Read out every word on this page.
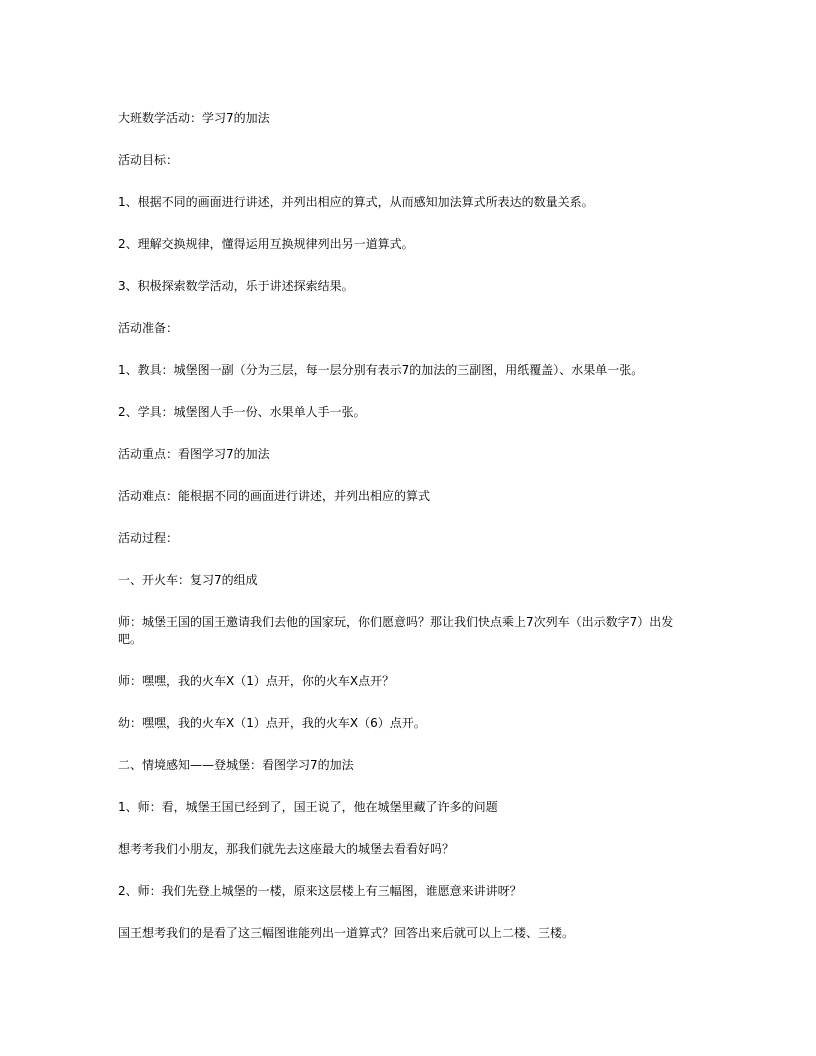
大班数学活动：学习7的加法

活动目标：

1、根据不同的画面进行讲述，并列出相应的算式，从而感知加法算式所表达的数量关系。

2、理解交换规律，懂得运用互换规律列出另一道算式。

3、积极探索数学活动，乐于讲述探索结果。

活动准备：

1、教具：城堡图一副（分为三层，每一层分别有表示7的加法的三副图，用纸覆盖）、水果单一张。

2、学具：城堡图人手一份、水果单人手一张。

活动重点：看图学习7的加法

活动难点：能根据不同的画面进行讲述，并列出相应的算式

活动过程：

一、开火车：复习7的组成

师：城堡王国的国王邀请我们去他的国家玩，你们愿意吗？那让我们快点乘上7次列车（出示数字7）出发吧。

师：嘿嘿，我的火车X（1）点开，你的火车X点开？

幼：嘿嘿，我的火车X（1）点开，我的火车X（6）点开。

二、情境感知——登城堡：看图学习7的加法

1、师：看，城堡王国已经到了，国王说了，他在城堡里藏了许多的问题

想考考我们小朋友，那我们就先去这座最大的城堡去看看好吗？

2、师：我们先登上城堡的一楼，原来这层楼上有三幅图，谁愿意来讲讲呀？

国王想考我们的是看了这三幅图谁能列出一道算式？回答出来后就可以上二楼、三楼。
